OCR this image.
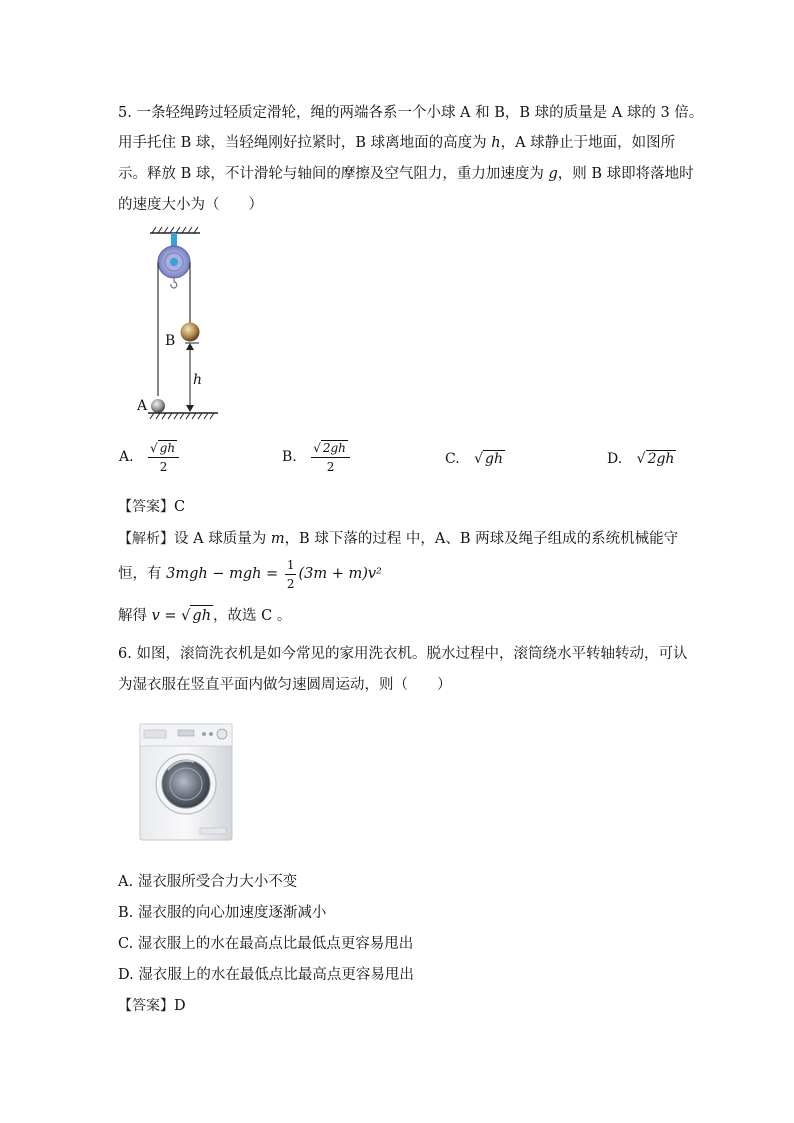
5. 一条轻绳跨过轻质定滑轮，绳的两端各系一个小球 A 和 B，B 球的质量是 A 球的 3 倍。
用手托住 B 球，当轻绳刚好拉紧时，B 球离地面的高度为 h，A 球静止于地面，如图所
示。释放 B 球，不计滑轮与轴间的摩擦及空气阻力，重力加速度为 g，则 B 球即将落地时
的速度大小为（　　）
B
h
A
A. $\frac{√ gh}{2}$	B. $\frac{√ 2gh}{2}$	C. √ gh	D. √ 2gh
【答案】C
【解析】设 A 球质量为 m，B 球下落的过程 中，A、B 两球及绳子组成的系统机械能守
恒，有 3mgh − mgh = $\frac{1}{2} (3m + m)v^2$
解得 v = √ gh ，故选 C 。
6. 如图，滚筒洗衣机是如今常见的家用洗衣机。脱水过程中，滚筒绕水平转轴转动，可认
为湿衣服在竖直平面内做匀速圆周运动，则（　　）
A. 湿衣服所受合力大小不变
B. 湿衣服的向心加速度逐渐减小
C. 湿衣服上的水在最高点比最低点更容易甩出
D. 湿衣服上的水在最低点比最高点更容易甩出
【答案】D
